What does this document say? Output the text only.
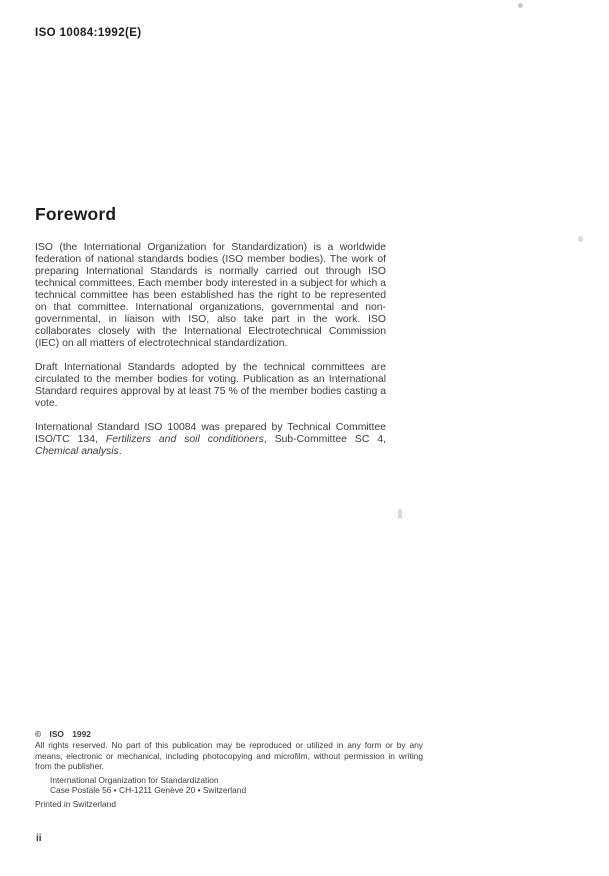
ISO 10084:1992(E)
Foreword

ISO (the International Organization for Standardization) is a worldwide federation of national standards bodies (ISO member bodies). The work of preparing International Standards is normally carried out through ISO technical committees. Each member body interested in a subject for which a technical committee has been established has the right to be represented on that committee. International organizations, governmental and non-governmental, in liaison with ISO, also take part in the work. ISO collaborates closely with the International Electrotechnical Commission (IEC) on all matters of electrotechnical standardization.

Draft International Standards adopted by the technical committees are circulated to the member bodies for voting. Publication as an International Standard requires approval by at least 75 % of the member bodies casting a vote.

International Standard ISO 10084 was prepared by Technical Committee ISO/TC 134, Fertilizers and soil conditioners, Sub-Committee SC 4, Chemical analysis.

© ISO 1992

All rights reserved. No part of this publication may be reproduced or utilized in any form or by any means, electronic or mechanical, including photocopying and microfilm, without permission in writing from the publisher.

International Organization for Standardization
Case Postale 56 • CH-1211 Genève 20 • Switzerland

Printed in Switzerland

ii
